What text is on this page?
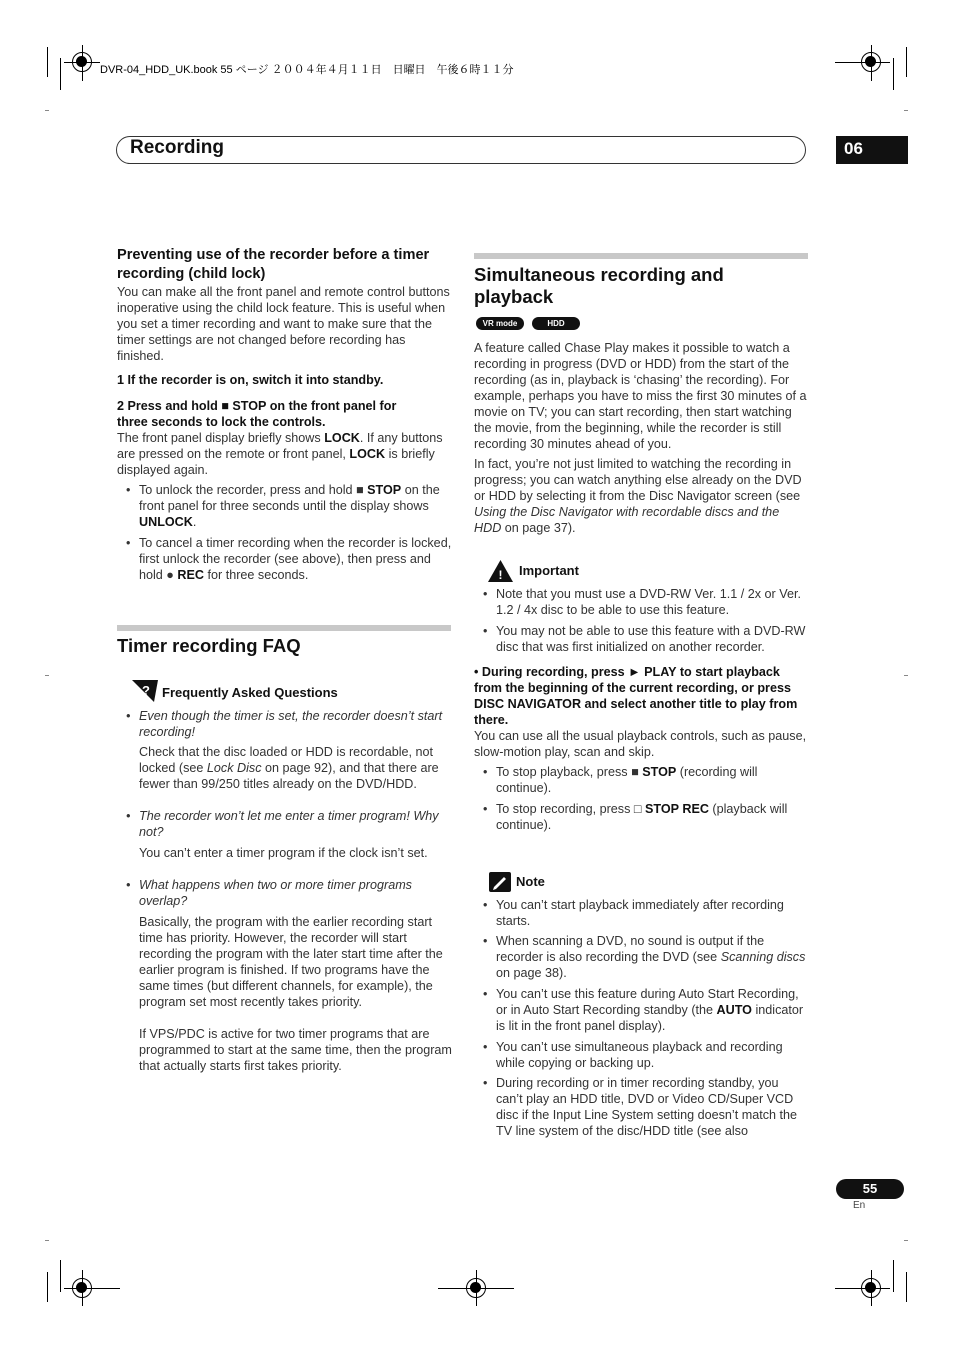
DVR-04_HDD_UK.book 55 ページ ２００４年４月１１日　日曜日　午後６時１１分
Recording	06
Preventing use of the recorder before a timer recording (child lock)

You can make all the front panel and remote control buttons inoperative using the child lock feature. This is useful when you set a timer recording and want to make sure that the timer settings are not changed before recording has finished.

1 If the recorder is on, switch it into standby.

2 Press and hold ■ STOP on the front panel for
three seconds to lock the controls.

The front panel display briefly shows LOCK. If any buttons are pressed on the remote or front panel, LOCK is briefly displayed again.

• To unlock the recorder, press and hold ■ STOP on the front panel for three seconds until the display shows UNLOCK.
• To cancel a timer recording when the recorder is locked, first unlock the recorder (see above), then press and hold ● REC for three seconds.
Timer recording FAQ
? Frequently Asked Questions
• Even though the timer is set, the recorder doesn’t start recording!

Check that the disc loaded or HDD is recordable, not locked (see Lock Disc on page 92), and that there are fewer than 99/250 titles already on the DVD/HDD.

• The recorder won’t let me enter a timer program! Why not?

You can’t enter a timer program if the clock isn’t set.

• What happens when two or more timer programs overlap?

Basically, the program with the earlier recording start time has priority. However, the recorder will start recording the program with the later start time after the earlier program is finished. If two programs have the same times (but different channels, for example), the program set most recently takes priority.

If VPS/PDC is active for two timer programs that are programmed to start at the same time, then the program that actually starts first takes priority.

Simultaneous recording and playback
VR mode	HDD

A feature called Chase Play makes it possible to watch a recording in progress (DVD or HDD) from the start of the recording (as in, playback is ‘chasing’ the recording). For example, perhaps you have to miss the first 30 minutes of a movie on TV; you can start recording, then start watching the movie, from the beginning, while the recorder is still recording 30 minutes ahead of you.

In fact, you’re not just limited to watching the recording in progress; you can watch anything else already on the DVD or HDD by selecting it from the Disc Navigator screen (see Using the Disc Navigator with recordable discs and the HDD on page 37).

! Important
• Note that you must use a DVD-RW Ver. 1.1 / 2x or Ver. 1.2 / 4x disc to be able to use this feature.
• You may not be able to use this feature with a DVD-RW disc that was first initialized on another recorder.

• During recording, press ► PLAY to start playback from the beginning of the current recording, or press DISC NAVIGATOR and select another title to play from there.

You can use all the usual playback controls, such as pause, slow-motion play, scan and skip.

• To stop playback, press ■ STOP (recording will continue).
• To stop recording, press □ STOP REC (playback will continue).
Note
• You can’t start playback immediately after recording starts.
• When scanning a DVD, no sound is output if the recorder is also recording the DVD (see Scanning discs on page 38).
• You can’t use this feature during Auto Start Recording, or in Auto Start Recording standby (the AUTO indicator is lit in the front panel display).
• You can’t use simultaneous playback and recording while copying or backing up.
• During recording or in timer recording standby, you can’t play an HDD title, DVD or Video CD/Super VCD disc if the Input Line System setting doesn’t match the TV line system of the disc/HDD title (see also
55
En
